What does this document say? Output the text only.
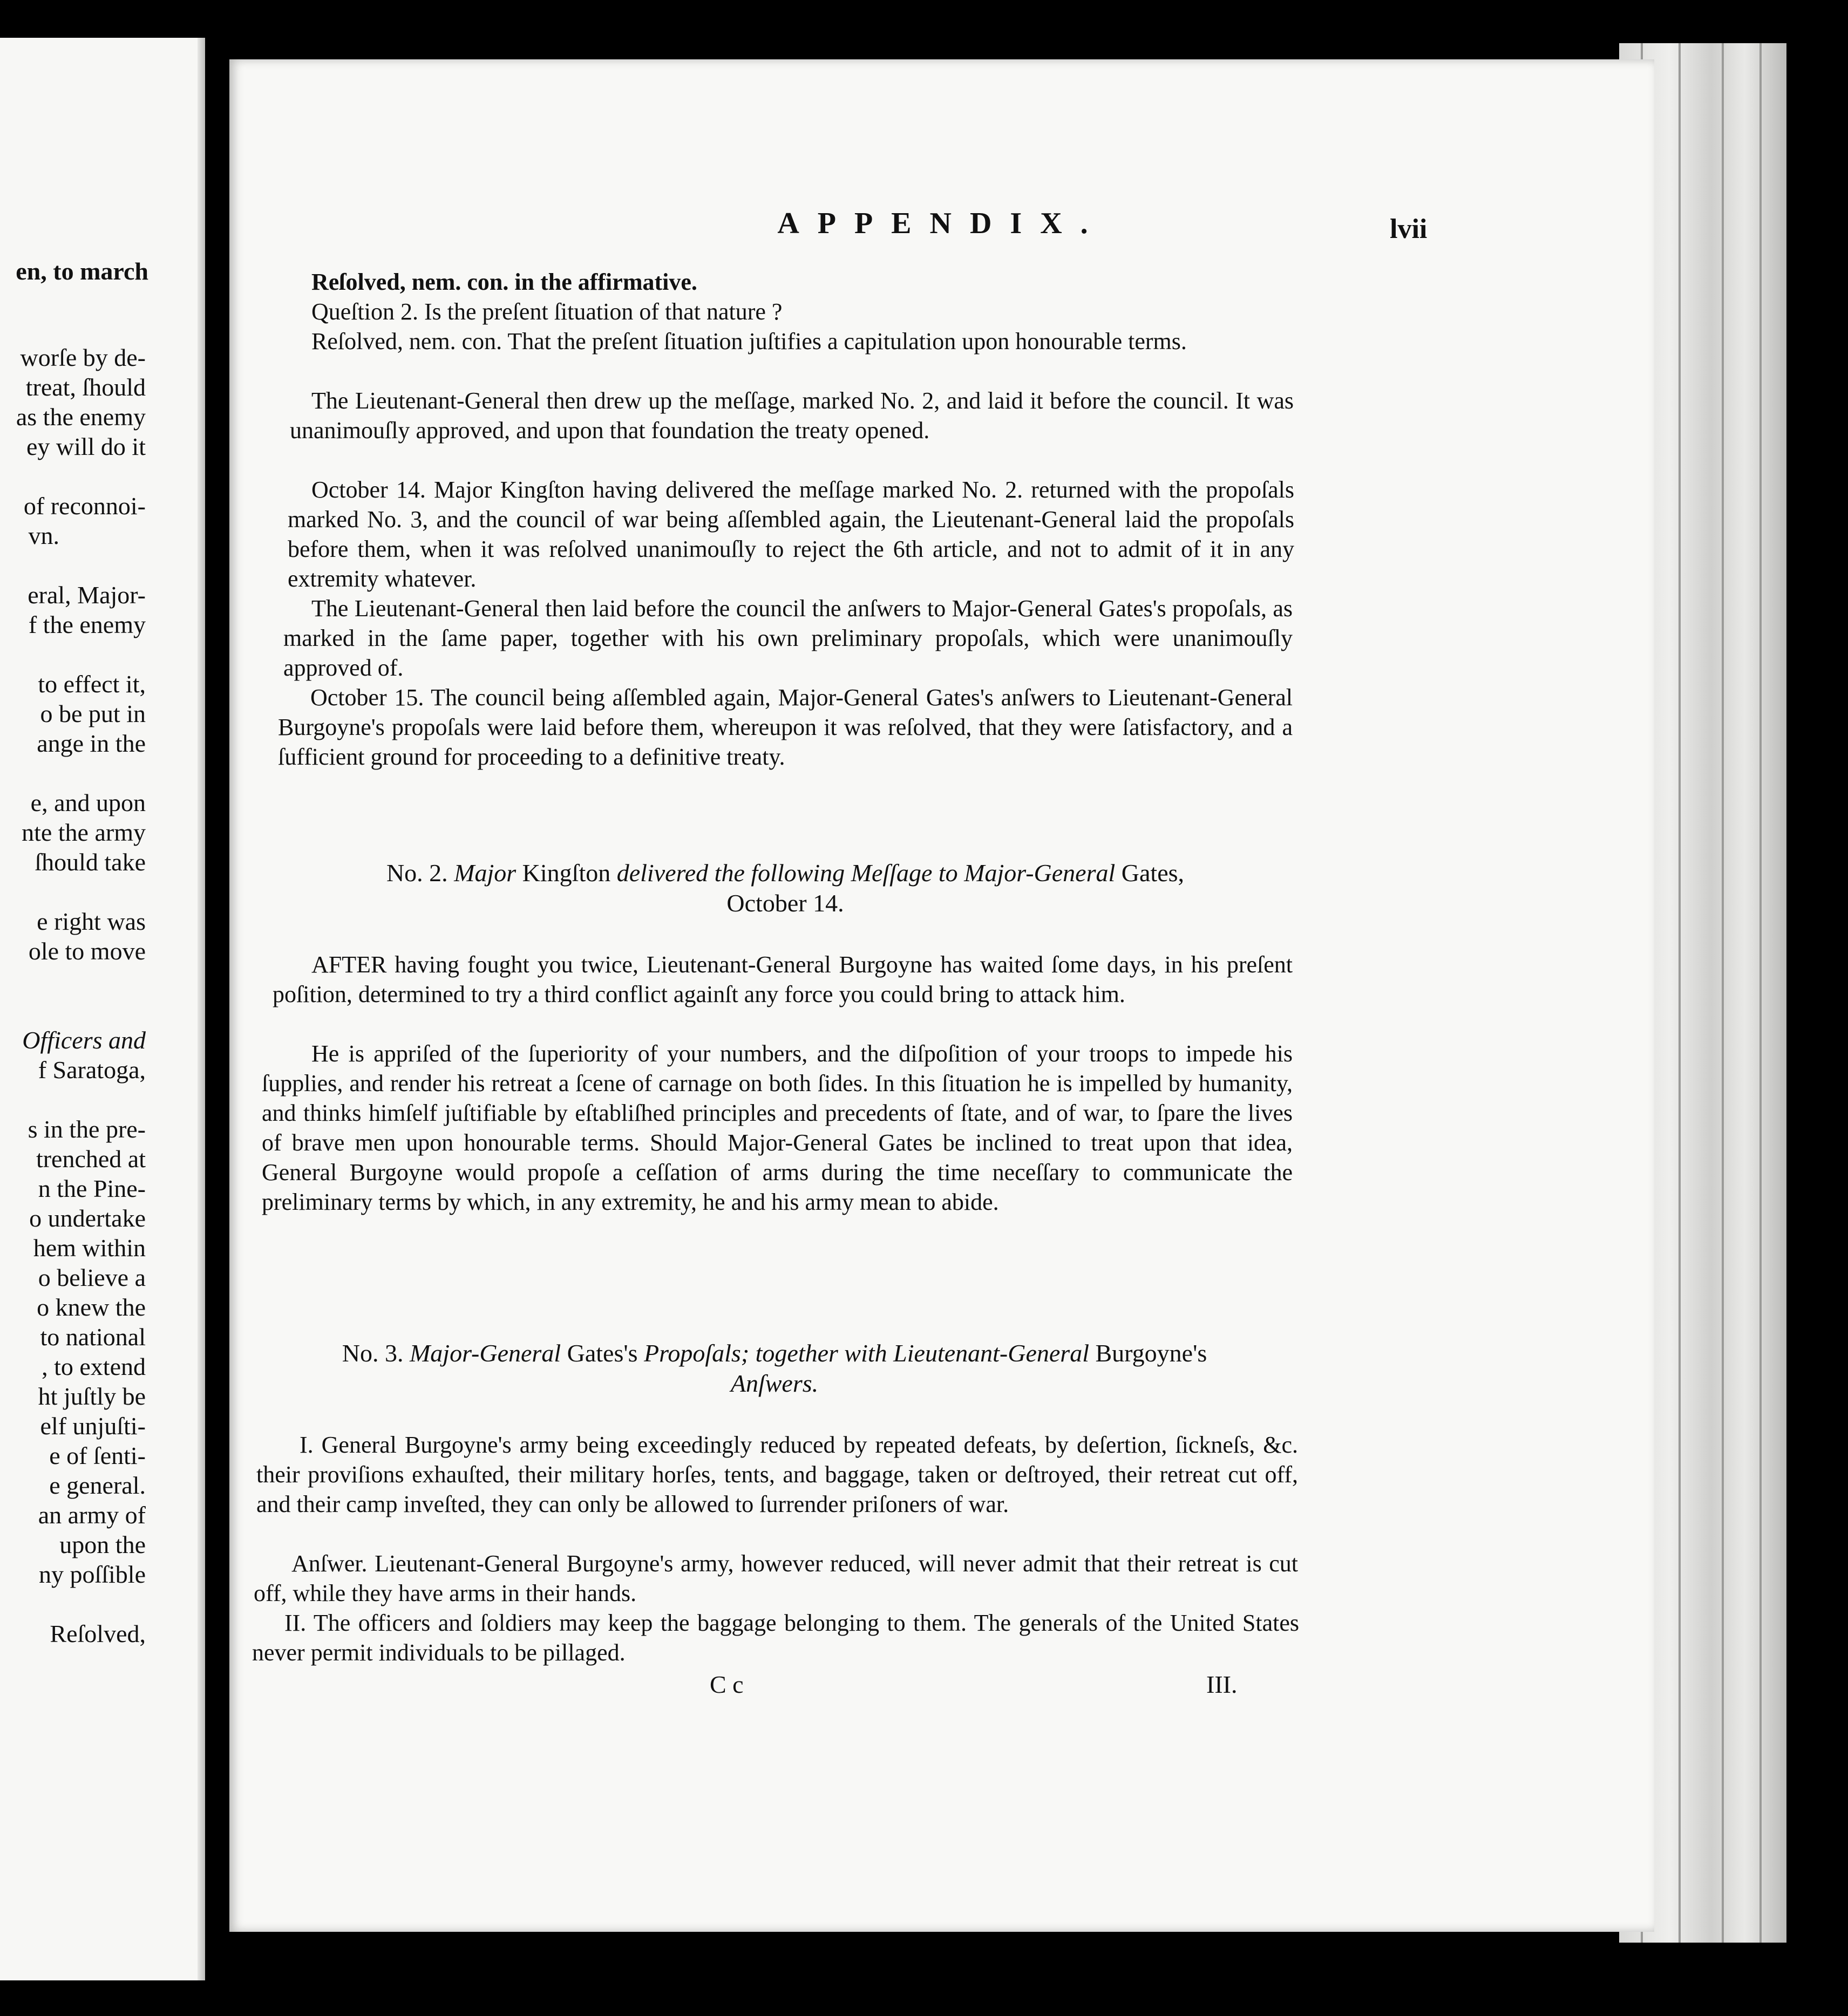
en, to march
worſe by de-
treat, ſhould
as the enemy
ey will do it
of reconnoi-
vn.
eral, Major-
f the enemy
to effect it,
o be put in
ange in the
e, and upon
nte the army
ſhould take
e right was
ole to move
Officers and
f Saratoga,
s in the pre-
trenched at
n the Pine-
o undertake
hem within
o believe a
o knew the
to national
, to extend
ht juſtly be
elf unjuſti-
e of ſenti-
e general.
an army of
upon the
ny poſſible
Reſolved,
APPENDIX.	lvii
Reſolved, nem. con. in the affirmative.
Queſtion 2. Is the preſent ſituation of that nature ?
Reſolved, nem. con. That the preſent ſituation juſtifies a capitulation upon honourable terms.
The Lieutenant-General then drew up the meſſage, marked No. 2, and laid it before the council. It was unanimouſly approved, and upon that foundation the treaty opened.
October 14. Major Kingſton having delivered the meſſage marked No. 2. returned with the propoſals marked No. 3, and the council of war being aſſembled again, the Lieutenant-General laid the propoſals before them, when it was reſolved unanimouſly to reject the 6th article, and not to admit of it in any extremity whatever.
The Lieutenant-General then laid before the council the anſwers to Major-General Gates's propoſals, as marked in the ſame paper, together with his own preliminary propoſals, which were unanimouſly approved of.
October 15. The council being aſſembled again, Major-General Gates's anſwers to Lieutenant-General Burgoyne's propoſals were laid before them, whereupon it was reſolved, that they were ſatisfactory, and a ſufficient ground for proceeding to a definitive treaty.
No. 2. Major Kingſton delivered the following Meſſage to Major-General Gates,
October 14.
AFTER having fought you twice, Lieutenant-General Burgoyne has waited ſome days, in his preſent poſition, determined to try a third conflict againſt any force you could bring to attack him.
He is appriſed of the ſuperiority of your numbers, and the diſpoſition of your troops to impede his ſupplies, and render his retreat a ſcene of carnage on both ſides. In this ſituation he is impelled by humanity, and thinks himſelf juſtifiable by eſtabliſhed principles and precedents of ſtate, and of war, to ſpare the lives of brave men upon honourable terms. Should Major-General Gates be inclined to treat upon that idea, General Burgoyne would propoſe a ceſſation of arms during the time neceſſary to communicate the preliminary terms by which, in any extremity, he and his army mean to abide.
No. 3. Major-General Gates's Propoſals; together with Lieutenant-General Burgoyne's
Anſwers.
I. General Burgoyne's army being exceedingly reduced by repeated defeats, by deſertion, ſickneſs, &c. their proviſions exhauſted, their military horſes, tents, and baggage, taken or deſtroyed, their retreat cut off, and their camp inveſted, they can only be allowed to ſurrender priſoners of war.
Anſwer. Lieutenant-General Burgoyne's army, however reduced, will never admit that their retreat is cut off, while they have arms in their hands.
II. The officers and ſoldiers may keep the baggage belonging to them. The generals of the United States never permit individuals to be pillaged.
C c	III.
